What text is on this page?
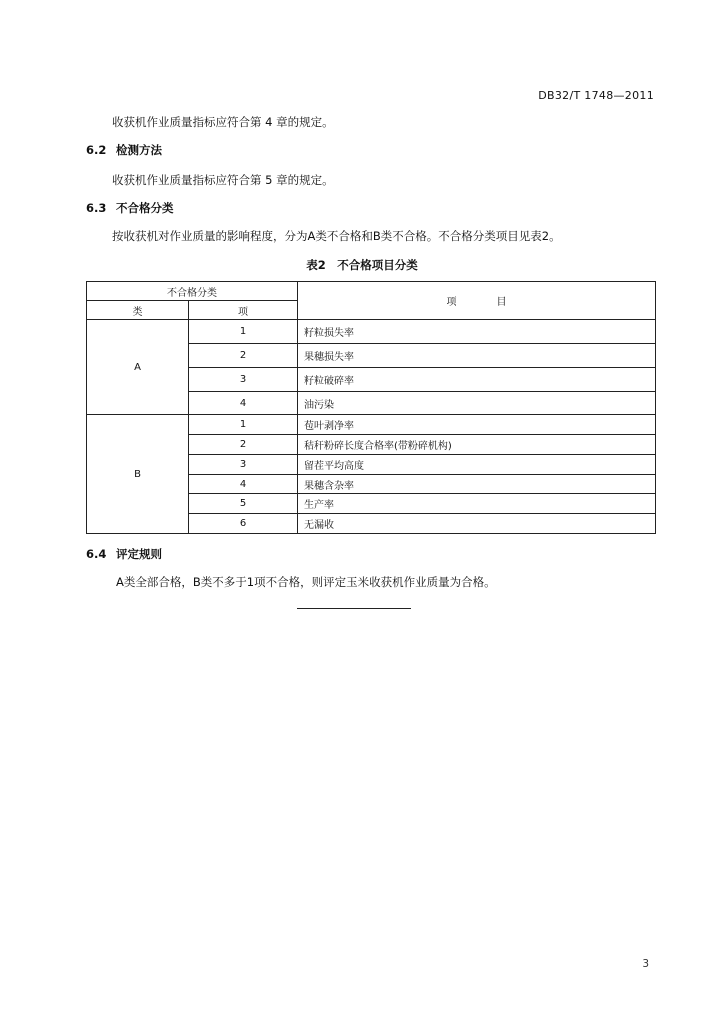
DB32/T 1748—2011
收获机作业质量指标应符合第 4 章的规定。
6.2 检测方法
收获机作业质量指标应符合第 5 章的规定。
6.3 不合格分类
按收获机对作业质量的影响程度，分为A类不合格和B类不合格。不合格分类项目见表2。
表2　不合格项目分类
不合格分类		项　　　　目
类	项	
A	1	籽粒损失率
	2	果穗损失率
	3	籽粒破碎率
	4	油污染
B	1	苞叶剥净率
	2	秸秆粉碎长度合格率(带粉碎机构)
	3	留茬平均高度
	4	果穗含杂率
	5	生产率
	6	无漏收
6.4 评定规则
A类全部合格，B类不多于1项不合格，则评定玉米收获机作业质量为合格。
3
